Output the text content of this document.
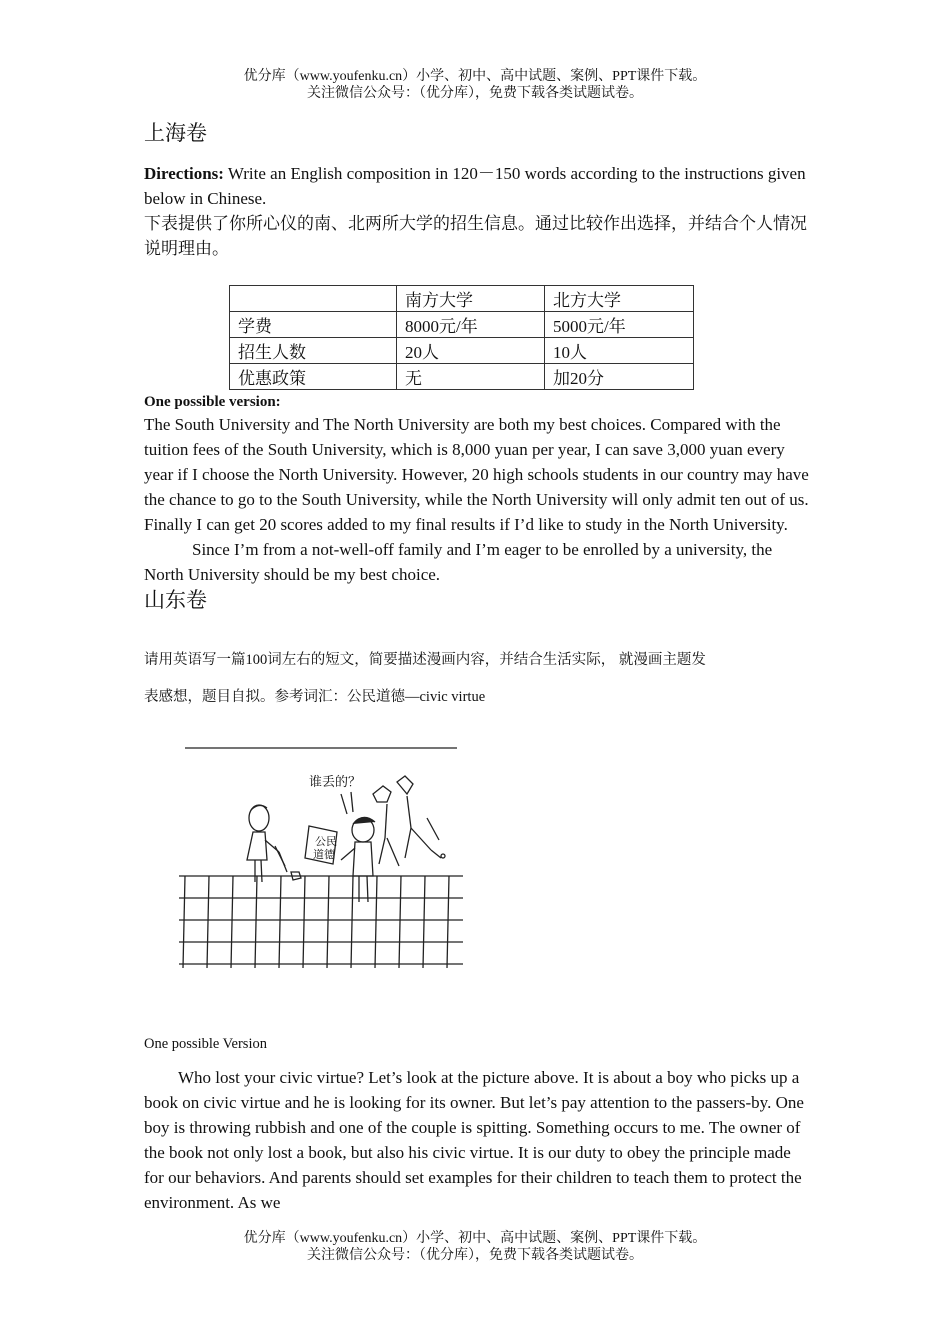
优分库（www.youfenku.cn）小学、初中、高中试题、案例、PPT课件下载。
关注微信公众号：（优分库），免费下载各类试题试卷。
上海卷

Directions: Write an English composition in 120－150 words according to the instructions given below in Chinese.

下表提供了你所心仪的南、北两所大学的招生信息。通过比较作出选择，并结合个人情况说明理由。

	南方大学	北方大学
学费	8000元/年	5000元/年
招生人数	20人	10人
优惠政策	无	加20分
One possible version:

The South University and The North University are both my best choices. Compared with the tuition fees of the South University, which is 8,000 yuan per year, I can save 3,000 yuan every year if I choose the North University. However, 20 high schools students in our country may have the chance to go to the South University, while the North University will only admit ten out of us. Finally I can get 20 scores added to my final results if I’d like to study in the North University.

Since I’m from a not-well-off family and I’m eager to be enrolled by a university, the North University should be my best choice.

山东卷
请用英语写一篇100词左右的短文，简要描述漫画内容，并结合生活实际， 就漫画主题发
表感想，题目自拟。参考词汇：公民道德—civic virtue
谁丢的？
公民
道德
One possible Version

Who lost your civic virtue? Let’s look at the picture above. It is about a boy who picks up a book on civic virtue and he is looking for its owner. But let’s pay attention to the passers-by. One boy is throwing rubbish and one of the couple is spitting. Something occurs to me. The owner of the book not only lost a book, but also his civic virtue. It is our duty to obey the principle made for our behaviors. And parents should set examples for their children to teach them to protect the environment. As we

优分库（www.youfenku.cn）小学、初中、高中试题、案例、PPT课件下载。
关注微信公众号：（优分库），免费下载各类试题试卷。
